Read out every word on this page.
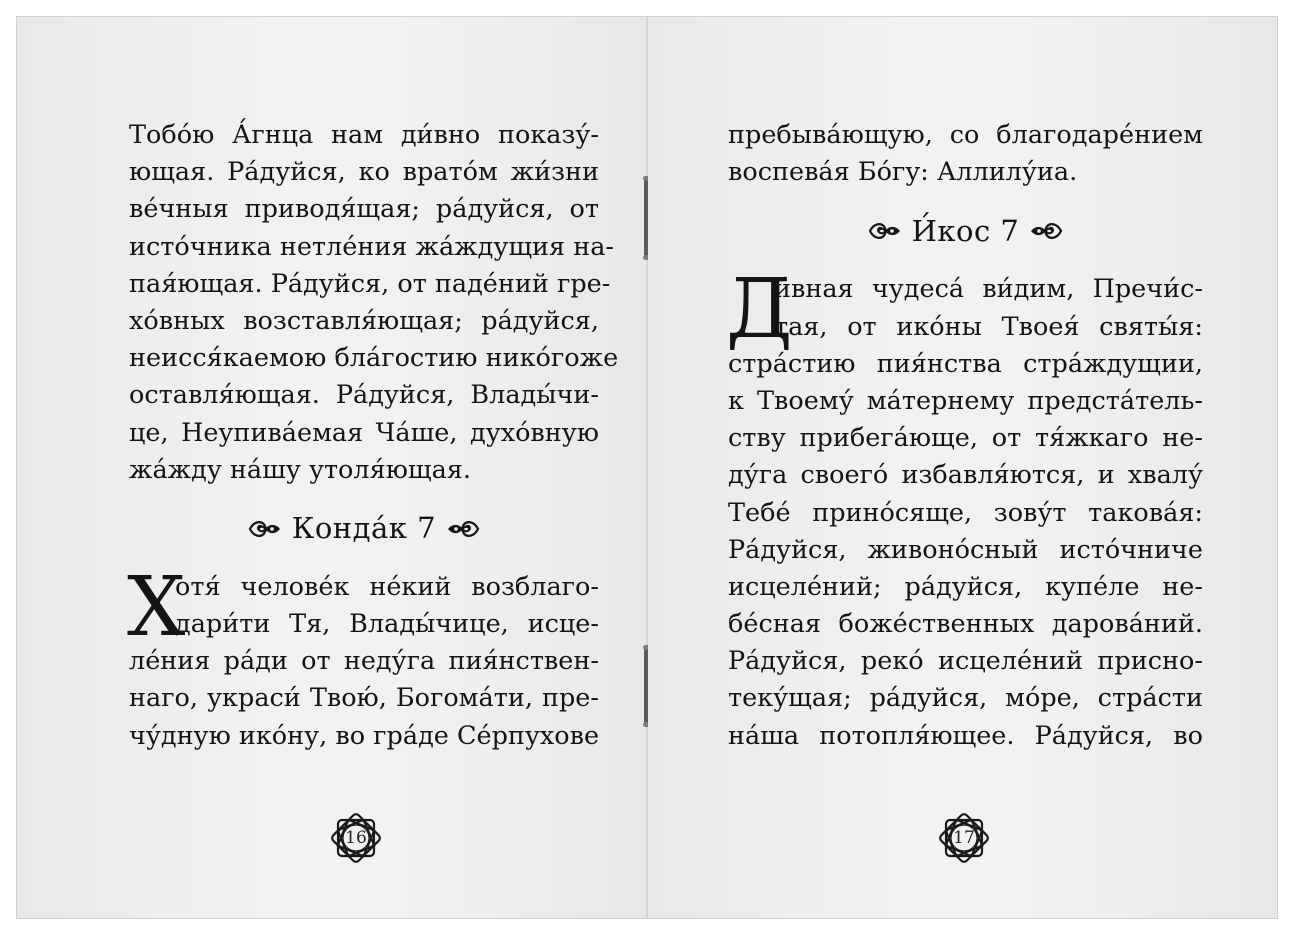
Тобо́ю А́гнца нам ди́вно показу́-
ющая. Ра́дуйся, ко врато́м жи́зни
ве́чныя приводя́щая; ра́дуйся, от
исто́чника нетле́ния жа́ждущия на-
пая́ющая. Ра́дуйся, от паде́ний гре-
хо́вных возставля́ющая; ра́дуйся,
неисся́каемою бла́гостию нико́гоже
оставля́ющая. Ра́дуйся, Влады́чи-
це, Неупива́емая Ча́ше, духо́вную
жа́жду на́шу утоля́ющая.
Конда́к 7
Х
отя́ челове́к не́кий возблаго-
дари́ти Тя, Влады́чице, исце-
ле́ния ра́ди от неду́га пия́нствен-
наго, украси́ Твою́, Богома́ти, пре-
чу́дную ико́ну, во гра́де Се́рпухове
16
пребыва́ющую, со благодаре́нием
воспева́я Бо́гу: Аллилу́иа.
И́кос 7
Д
и́вная чудеса́ ви́дим, Пречи́с-
тая, от ико́ны Твоея́ святы́я:
стра́стию пия́нства стра́ждущии,
к Твоему́ ма́тернему предста́тель-
ству прибега́юще, от тя́жкаго не-
ду́га своего́ избавля́ются, и хвалу́
Тебе́ прино́сяще, зову́т такова́я:
Ра́дуйся, живоно́сный исто́чниче
исцеле́ний; ра́дуйся, купе́ле не-
бе́сная боже́ственных дарова́ний.
Ра́дуйся, реко́ исцеле́ний присно-
теку́щая; ра́дуйся, мо́ре, стра́сти
на́ша потопля́ющее. Ра́дуйся, во
17
